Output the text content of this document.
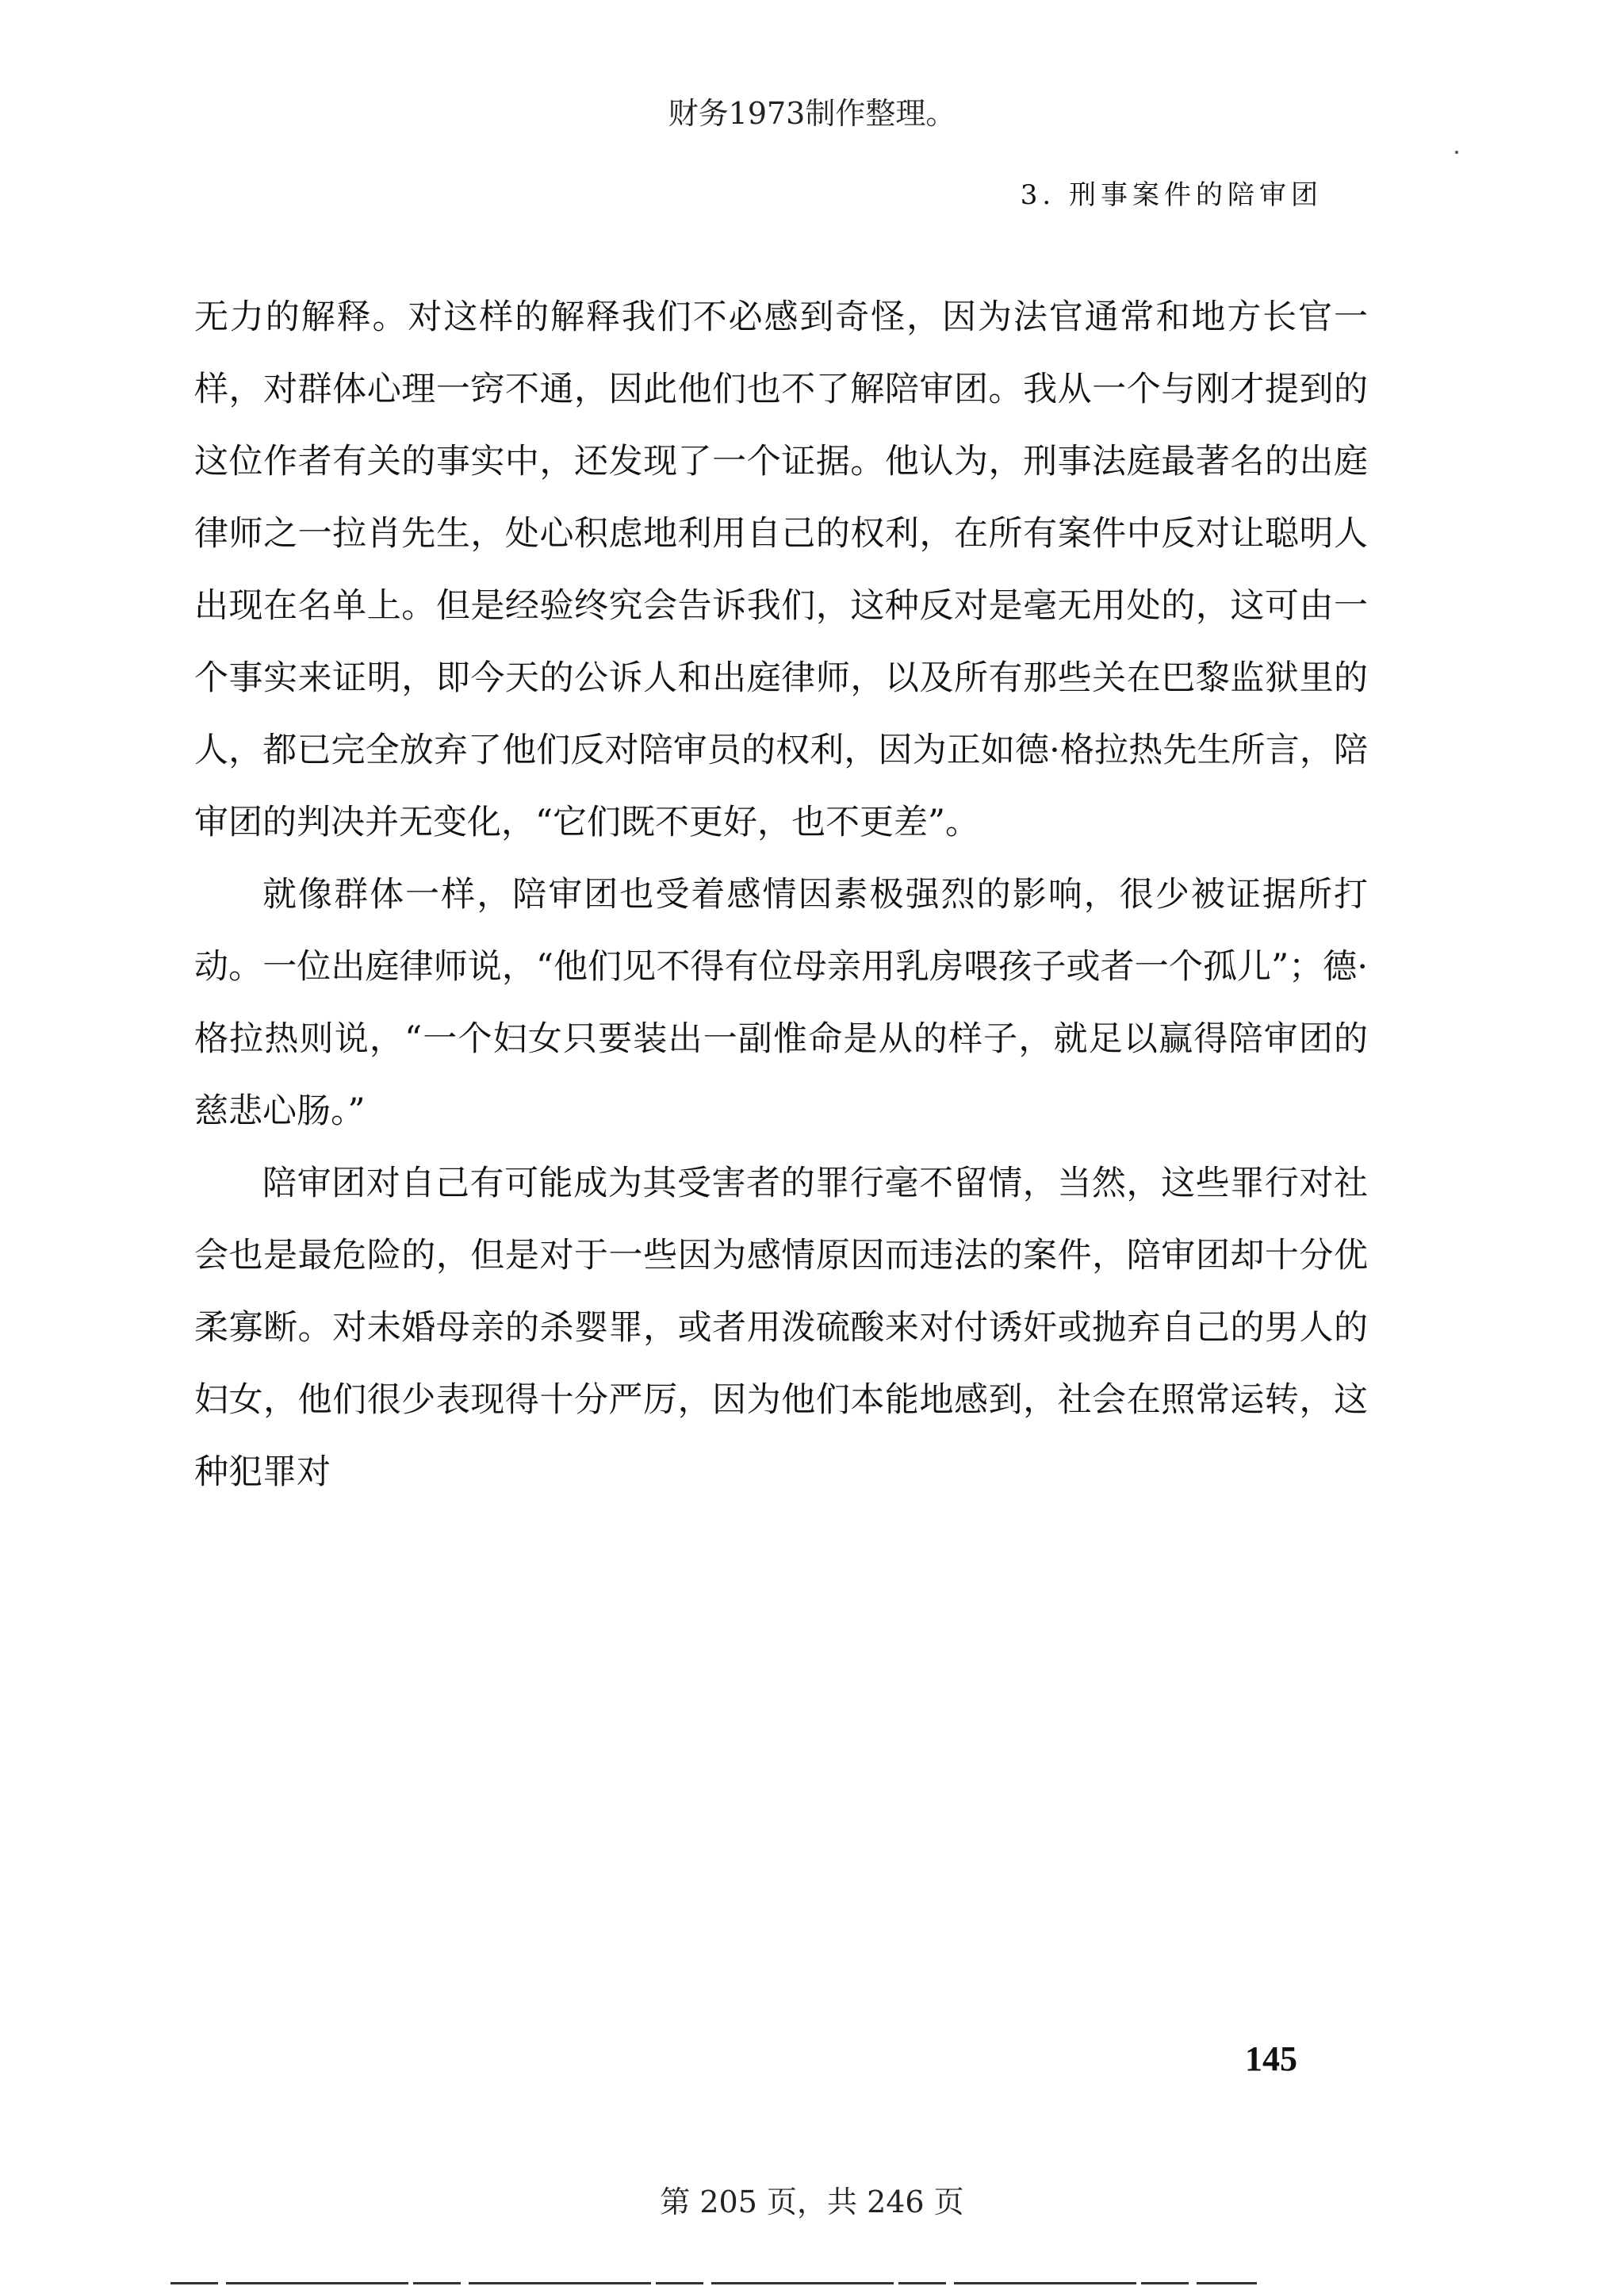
财务1973制作整理。
3. 刑事案件的陪审团

无力的解释。对这样的解释我们不必感到奇怪，因为法官通常和地方长官一样，对群体心理一窍不通，因此他们也不了解陪审团。我从一个与刚才提到的这位作者有关的事实中，还发现了一个证据。他认为，刑事法庭最著名的出庭律师之一拉肖先生，处心积虑地利用自己的权利，在所有案件中反对让聪明人出现在名单上。但是经验终究会告诉我们，这种反对是毫无用处的，这可由一个事实来证明，即今天的公诉人和出庭律师，以及所有那些关在巴黎监狱里的人，都已完全放弃了他们反对陪审员的权利，因为正如德·格拉热先生所言，陪审团的判决并无变化，“它们既不更好，也不更差”。

就像群体一样，陪审团也受着感情因素极强烈的影响，很少被证据所打动。一位出庭律师说，“他们见不得有位母亲用乳房喂孩子或者一个孤儿”；德·格拉热则说，“一个妇女只要装出一副惟命是从的样子，就足以赢得陪审团的慈悲心肠。”

陪审团对自己有可能成为其受害者的罪行毫不留情，当然，这些罪行对社会也是最危险的，但是对于一些因为感情原因而违法的案件，陪审团却十分优柔寡断。对未婚母亲的杀婴罪，或者用泼硫酸来对付诱奸或抛弃自己的男人的妇女，他们很少表现得十分严厉，因为他们本能地感到，社会在照常运转，这种犯罪对

145
第 205 页，共 246 页
